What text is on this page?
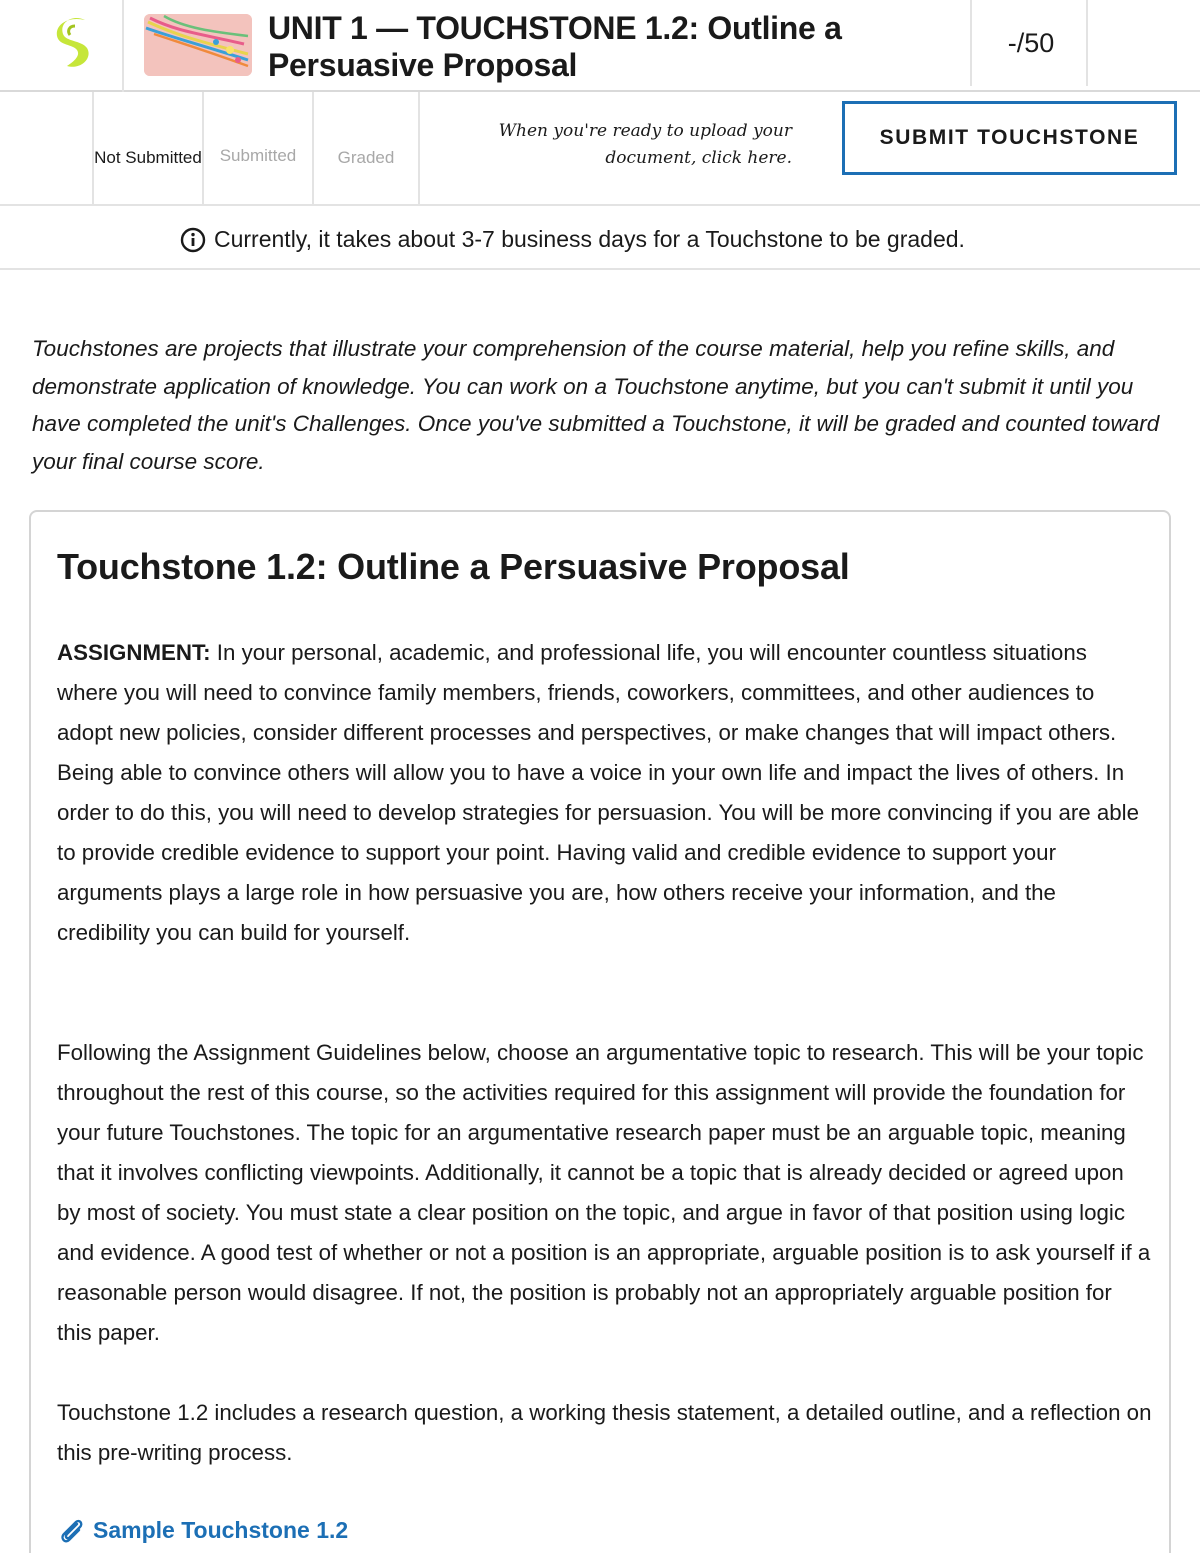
UNIT 1 — TOUCHSTONE 1.2: Outline a Persuasive Proposal
-/50
Not Submitted	Submitted	Graded
When you're ready to upload your document, click here.
SUBMIT TOUCHSTONE
Currently, it takes about 3-7 business days for a Touchstone to be graded.

Touchstones are projects that illustrate your comprehension of the course material, help you refine skills, and demonstrate application of knowledge. You can work on a Touchstone anytime, but you can't submit it until you have completed the unit's Challenges. Once you've submitted a Touchstone, it will be graded and counted toward your final course score.

Touchstone 1.2: Outline a Persuasive Proposal

ASSIGNMENT: In your personal, academic, and professional life, you will encounter countless situations where you will need to convince family members, friends, coworkers, committees, and other audiences to adopt new policies, consider different processes and perspectives, or make changes that will impact others. Being able to convince others will allow you to have a voice in your own life and impact the lives of others. In order to do this, you will need to develop strategies for persuasion. You will be more convincing if you are able to provide credible evidence to support your point. Having valid and credible evidence to support your arguments plays a large role in how persuasive you are, how others receive your information, and the credibility you can build for yourself.

Following the Assignment Guidelines below, choose an argumentative topic to research. This will be your topic throughout the rest of this course, so the activities required for this assignment will provide the foundation for your future Touchstones. The topic for an argumentative research paper must be an arguable topic, meaning that it involves conflicting viewpoints. Additionally, it cannot be a topic that is already decided or agreed upon by most of society. You must state a clear position on the topic, and argue in favor of that position using logic and evidence. A good test of whether or not a position is an appropriate, arguable position is to ask yourself if a reasonable person would disagree. If not, the position is probably not an appropriately arguable position for this paper.

Touchstone 1.2 includes a research question, a working thesis statement, a detailed outline, and a reflection on this pre-writing process.

Sample Touchstone 1.2
